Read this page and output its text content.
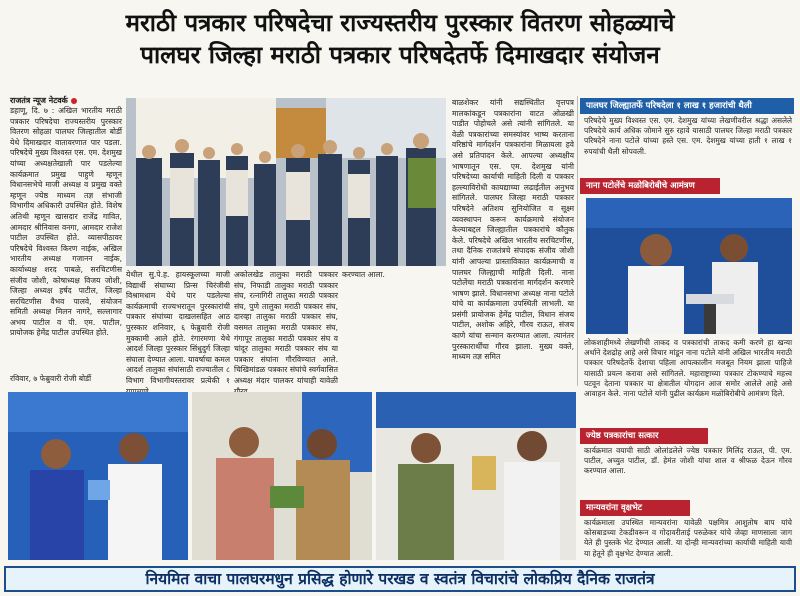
मराठी पत्रकार परिषदेचा राज्यस्तरीय पुरस्कार वितरण सोहळ्याचे
पालघर जिल्हा मराठी पत्रकार परिषदेतर्फे दिमाखदार संयोजन
राजतंत्र न्यूज नेटवर्क
डहाणू, दि. ७ : अखिल भारतीय मराठी पत्रकार परिषदेचा राज्यस्तरीय पुरस्कार वितरण सोहळा पालघर जिल्हातील बोर्डी येथे दिमाखदार वातावरणात पार पडला. परिषदेचे मुख्य विश्वस्त एस. एम. देशमुख यांच्या अध्यक्षतेखाली पार पडलेल्या कार्यक्रमात प्रमुख पाहुणे म्हणून विधानसभेचे माजी अध्यक्ष व प्रमुख वक्ते म्हणून ज्येष्ठ माध्यम तज्ञ संभाजी विभागीय अधिकारी उपस्थित होते. विशेष अतिथी म्हणून खासदार राजेंद्र गावित, आमदार श्रीनिवास वनगा, आमदार राजेश पाटील उपस्थित होते. व्यासपीठावर परिषदेचे विश्वस्त किरण नाईक, अखिल भारतीय अध्यक्ष गजानन नाईक, कार्याध्यक्ष शरद पाबळे, सरचिटणीस संजीव जोशी, कोषाध्यक्ष विजय जोशी, जिल्हा अध्यक्ष हर्षद पाटील, जिल्हा सरचिटणीस वैभव पालवे, संयोजन समिती अध्यक्ष मिलन नागरे, सल्लागार अभय पाटील व पी. एम. पाटील, प्रायोजक हेमेंद्र पाटील उपस्थित होते.
रविवार, ७ फेब्रुवारी रोजी बोर्डी
येथील सु.पे.ह. हायस्कूलच्या माजी विद्यार्थी संघाच्या प्रिन्स चिरंजीवी विश्रामधाम येथे पार पडलेल्या कार्यक्रमाची राज्यभरातून पुरस्कारांची पत्रकार संघांच्या दाखलसहित आठ पुरस्कार शनिवार, ६ फेब्रुवारी रोजी मुक्कामी आले होते. रंगारमणा येथे आदर्श जिल्हा पुरस्कार सिंधुदुर्ग जिल्हा संघाला देण्यात आला. यावर्षाचा कमल आदर्श तालुका संघांसाठी राज्यातील ८ विभाग विभागीयस्तरावर प्रत्येकी १
अकोलखेड तालुका मराठी पत्रकार संघ, निफाडी तालुका मराठी पत्रकार संघ, रत्नागिरी तालुका मराठी पत्रकार संघ, पुणे तालुका मराठी पत्रकार संघ, दारव्हा तालुका मराठी पत्रकार संघ, वसमत तालुका मराठी पत्रकार संघ, गंगापूर तालुका मराठी पत्रकार संघ व चांदूर तालुका मराठी पत्रकार संघ या पत्रकार संघांना गौरविण्यात आले. चिखिमांडळ पत्रकार संघांचे स्वर्गवासित अध्यक्ष मंदार पालकर यांचाही यावेळी
करण्यात आला.
बाळशेकर यांनी सद्यस्थितीत वृत्तपत्र मालकांकडून पत्रकारांना वाटत ओळखी पाडीत पोहोचले असे त्यांनी सांगितले. या वेळी पत्रकारांच्या समस्यांवर भाष्य करताना वरिष्ठांचे मार्गदर्शन पत्रकारांना मिळायला हवे असे प्रतिपादन केले. आपल्या अध्यक्षीय भाषणातून एस. एम. देशमुख यांनी परिषदेच्या कार्याची माहिती दिली व पत्रकार हल्ल्याविरोधी कायद्याच्या लढाईतील अनुभव सांगितले. पालघर जिल्हा मराठी पत्रकार परिषदेने अतिशय सुनियोजित व सूक्ष्म व्यवस्थापन करून कार्यक्रमाचे संयोजन केल्याबद्दल जिल्ह्यातील पत्रकारांचे कौतुक केले. परिषदेचे अखिल भारतीय सरचिटणीस, तथा दैनिक राजतंत्रचे संपादक संजीव जोशी यांनी आपल्या प्रास्ताविकात कार्यक्रमाची व पालघर जिल्ह्याची माहिती दिली. नाना पटोलेंचा मराठी पत्रकारांना मार्गदर्शन करणारे भाषण झाले. विधानसभा अध्यक्ष नाना पटोले यांचे या कार्यक्रमाला उपस्थिती लाभली. या प्रसंगी प्रायोजक हेमेंद्र पाटील, विधान संजय पाटील, अशोक अहिरे, गौरव राऊत, संजय काणे यांचा सन्मान करण्यात आला. त्यानंतर पुरस्कारार्थींचा गौरव झाला. मुख्य वक्ते, माध्यम तज्ञ समित
पालघर जिल्ह्यातर्फे परिषदेला १ लाख १ हजारांची थैली
परिषदेचे मुख्य विश्वस्त एस. एम. देशमुख यांच्या लेखणीवरील श्रद्धा असलेले परिषदेचे कार्य अधिक जोमाने सुरु रहावे यासाठी पालघर जिल्हा मराठी पत्रकार परिषदेने नाना पटोले यांच्या हस्ते एस. एम. देशमुख यांच्या हाती १ लाख १ रुपयांची थैली सोपवली.
नाना पटोलेंचे मळोबिरोबीचे आमंत्रण
लोकशाहीमध्ये लेखणीची ताकद व पत्रकारांची ताकद कमी करणे हा खन्या अर्थाने देशद्रोह आहे असे विचार मांडून नाना पटोले यांनी अखिल भारतीय मराठी पत्रकार परिषदेतर्फे देशाचा पहिला आपत्कालीन मजबूत नियम झाला पाहिजे यासाठी प्रयत्न करावा असे सांगितले. महाराष्ट्राच्या पत्रकार टोकण्याचे महत्त्व पटवून देताना पत्रकार या क्षेत्रातील योगदान आज समोर आलेले आहे असे आवाहन केले. नाना पटोले यांनी पुढील कार्यक्रम मळोबिरोबीचे आमंत्रण दिले.
ज्येष्ठ पत्रकारांचा सत्कार
कार्यक्रमात वयाची साठी ओलांडलेले ज्येष्ठ पत्रकार मिलिंद राऊत, पी. एम. पाटील, अच्युत पाटील, डॉ. हेमंत जोशी यांचा शाल व श्रीफळ देऊन गौरव करण्यात आला.
मान्यवरांना वृक्षभेट
कार्यक्रमाला उपस्थित मान्यवरांना यावेळी पक्षमित्र आशुतोष बाप यांचे कोसबाडच्या टेकडीवरून व गोदावरीताई परुळेकर यांचे जेव्हा माणसाला जाग येते ही पुस्तके भेट देण्यात आली. या दोन्ही मान्यवरांच्या कार्याची माहिती यावी या हेतूने ही वृक्षभेट देण्यात आली.
नियमित वाचा पालघरमधुन प्रसिद्ध होणारे परखड व स्वतंत्र विचारांचे लोकप्रिय दैनिक राजतंत्र
